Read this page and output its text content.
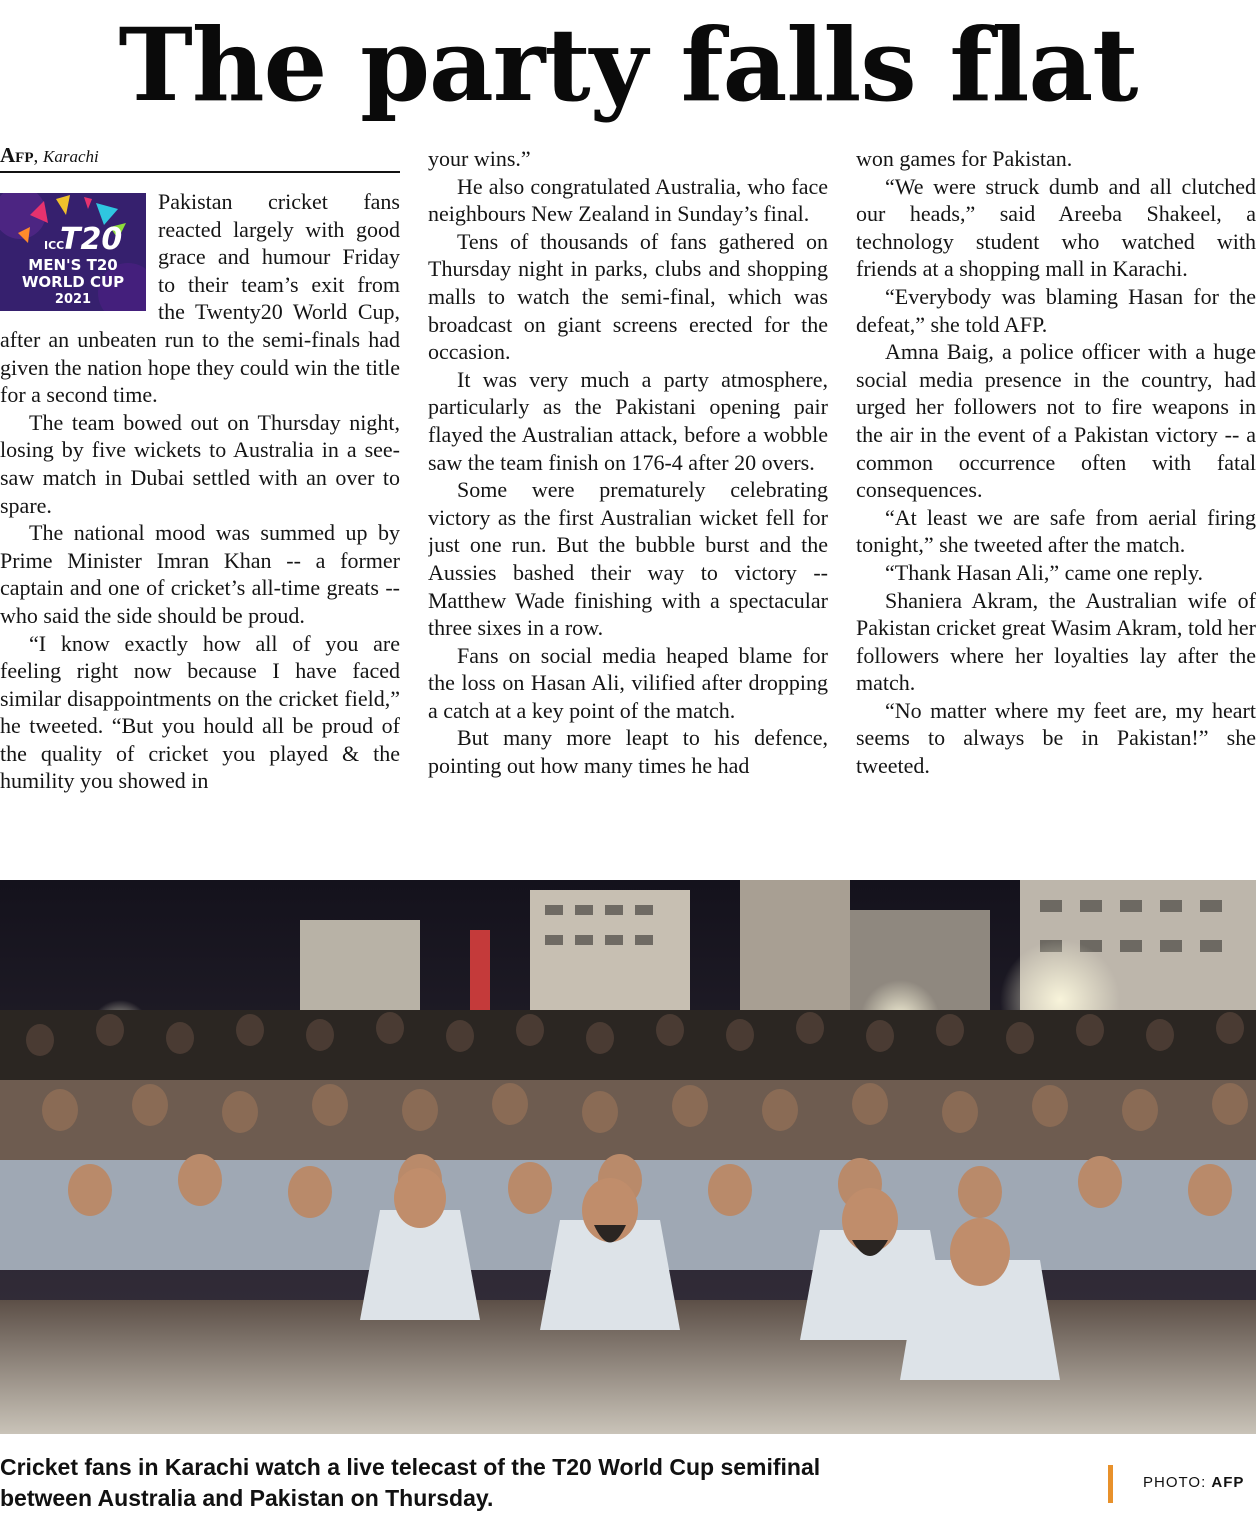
The party falls flat
Afp, Karachi
ICC
T20
MEN'S T20
WORLD CUP
2021

Pakistan cricket fans reacted largely with good grace and humour Friday to their team’s exit from the Twenty20 World Cup, after an unbeaten run to the semi-finals had given the nation hope they could win the title for a second time.

The team bowed out on Thursday night, losing by five wickets to Australia in a see-saw match in Dubai settled with an over to spare.

The national mood was summed up by Prime Minister Imran Khan -- a former captain and one of cricket’s all-time greats -- who said the side should be proud.

“I know exactly how all of you are feeling right now because I have faced similar disappointments on the cricket field,” he tweeted. “But you hould all be proud of the quality of cricket you played & the humility you showed in

your wins.”

He also congratulated Australia, who face neighbours New Zealand in Sunday’s final.

Tens of thousands of fans gathered on Thursday night in parks, clubs and shopping malls to watch the semi-final, which was broadcast on giant screens erected for the occasion.

It was very much a party atmosphere, particularly as the Pakistani opening pair flayed the Australian attack, before a wobble saw the team finish on 176-4 after 20 overs.

Some were prematurely celebrating victory as the first Australian wicket fell for just one run. But the bubble burst and the Aussies bashed their way to victory -- Matthew Wade finishing with a spectacular three sixes in a row.

Fans on social media heaped blame for the loss on Hasan Ali, vilified after dropping a catch at a key point of the match.

But many more leapt to his defence, pointing out how many times he had

won games for Pakistan.

“We were struck dumb and all clutched our heads,” said Areeba Shakeel, a technology student who watched with friends at a shopping mall in Karachi.

“Everybody was blaming Hasan for the defeat,” she told AFP.

Amna Baig, a police officer with a huge social media presence in the country, had urged her followers not to fire weapons in the air in the event of a Pakistan victory -- a common occurrence often with fatal consequences.

“At least we are safe from aerial firing tonight,” she tweeted after the match.

“Thank Hasan Ali,” came one reply.

Shaniera Akram, the Australian wife of Pakistan cricket great Wasim Akram, told her followers where her loyalties lay after the match.

“No matter where my feet are, my heart seems to always be in Pakistan!” she tweeted.

Cricket fans in Karachi watch a live telecast of the T20 World Cup semifinal
between Australia and Pakistan on Thursday.
PHOTO: AFP
